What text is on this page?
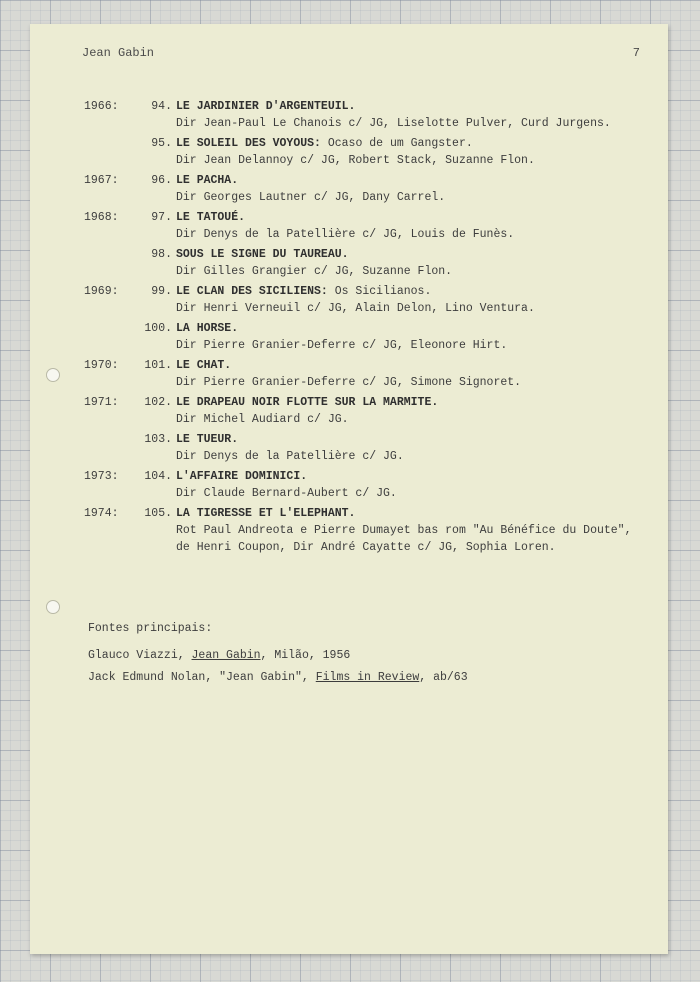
Jean Gabin	7
1966:	94. LE JARDINIER D'ARGENTEUIL.
Dir Jean-Paul Le Chanois c/ JG, Liselotte Pulver, Curd Jurgens.
95. LE SOLEIL DES VOYOUS: Ocaso de um Gangster.
Dir Jean Delannoy c/ JG, Robert Stack, Suzanne Flon.
1967:	96. LE PACHA.
Dir Georges Lautner c/ JG, Dany Carrel.
1968:	97. LE TATOUÉ.
Dir Denys de la Patellière c/ JG, Louis de Funès.
98. SOUS LE SIGNE DU TAUREAU.
Dir Gilles Grangier c/ JG, Suzanne Flon.
1969:	99. LE CLAN DES SICILIENS: Os Sicilianos.
Dir Henri Verneuil c/ JG, Alain Delon, Lino Ventura.
100. LA HORSE.
Dir Pierre Granier-Deferre c/ JG, Eleonore Hirt.
1970:	101. LE CHAT.
Dir Pierre Granier-Deferre c/ JG, Simone Signoret.
1971:	102. LE DRAPEAU NOIR FLOTTE SUR LA MARMITE.
Dir Michel Audiard c/ JG.
103. LE TUEUR.
Dir Denys de la Patellière c/ JG.
1973:	104. L'AFFAIRE DOMINICI.
Dir Claude Bernard-Aubert c/ JG.
1974:	105. LA TIGRESSE ET L'ELEPHANT.
Rot Paul Andreota e Pierre Dumayet bas rom "Au Bénéfice du Doute", de Henri Coupon, Dir André Cayatte c/ JG, Sophia Loren.
Fontes principais:
Glauco Viazzi, Jean Gabin, Milão, 1956
Jack Edmund Nolan, "Jean Gabin", Films in Review, ab/63
